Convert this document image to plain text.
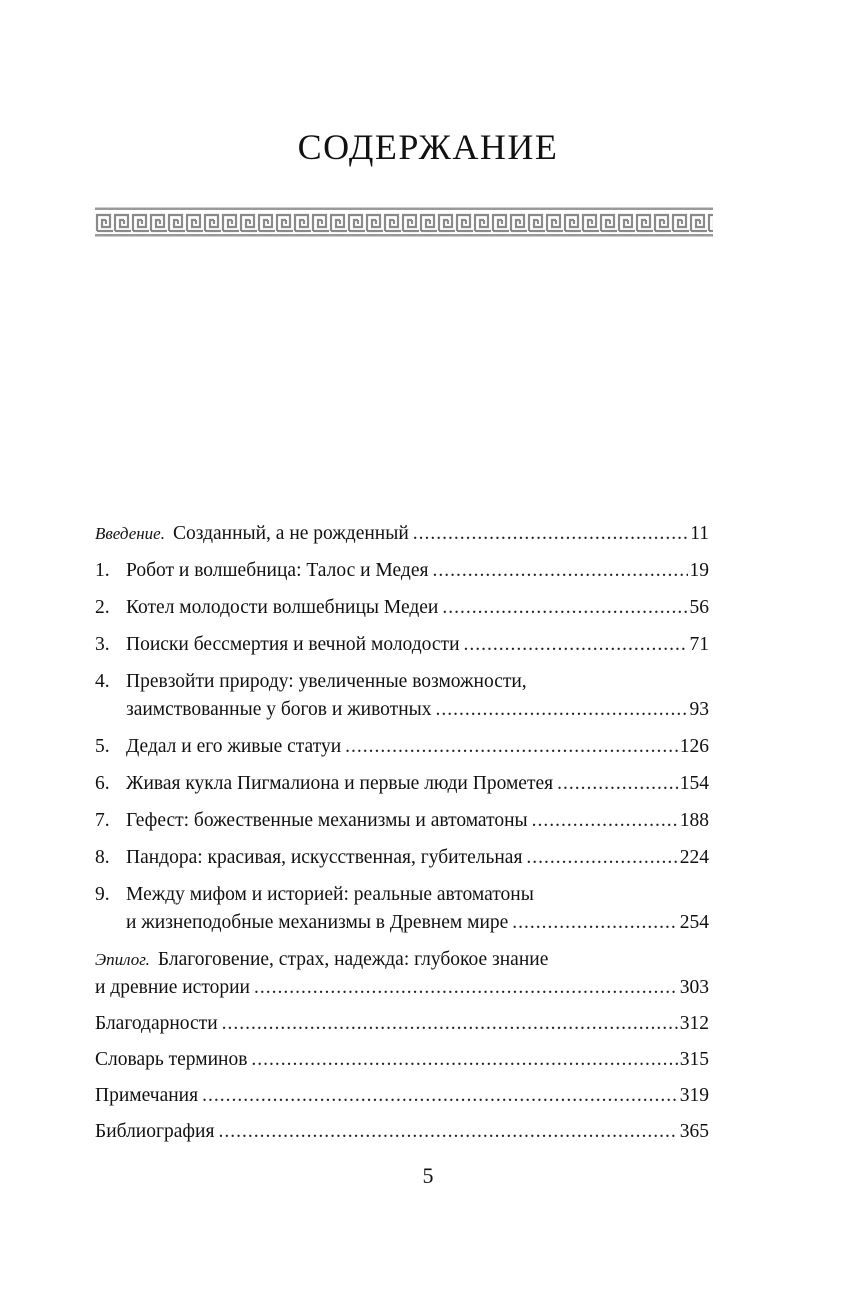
СОДЕРЖАНИЕ
Введение. Созданный, а не рожденный .....	11
1. Робот и волшебница: Талос и Медея .....	19
2. Котел молодости волшебницы Медеи .....	56
3. Поиски бессмертия и вечной молодости .....	71
4. Превзойти природу: увеличенные возможности,
заимствованные у богов и животных .....	93
5. Дедал и его живые статуи .....	126
6. Живая кукла Пигмалиона и первые люди Прометея .....	154
7. Гефест: божественные механизмы и автоматоны .....	188
8. Пандора: красивая, искусственная, губительная .....	224
9. Между мифом и историей: реальные автоматоны
и жизнеподобные механизмы в Древнем мире .....	254
Эпилог. Благоговение, страх, надежда: глубокое знание
и древние истории .....	303
Благодарности .....	312
Словарь терминов .....	315
Примечания .....	319
Библиография .....	365
5
